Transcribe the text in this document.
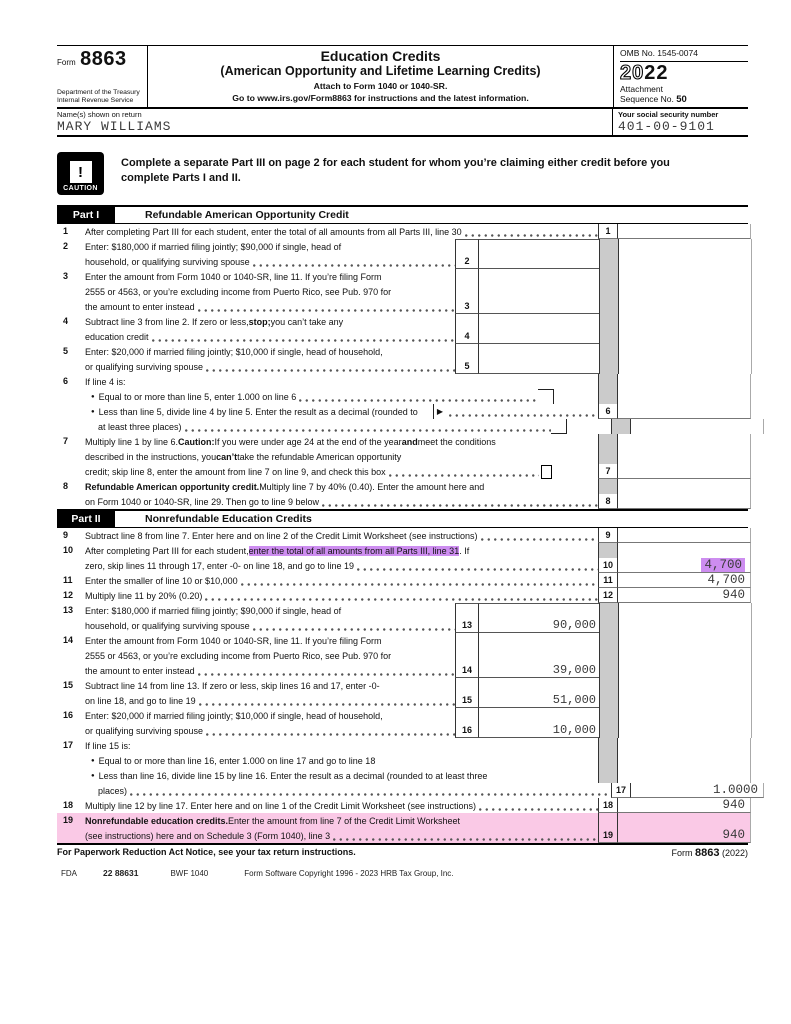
Form 8863
Department of the Treasury
Internal Revenue Service
Education Credits
(American Opportunity and Lifetime Learning Credits)
Attach to Form 1040 or 1040-SR.
Go to www.irs.gov/Form8863 for instructions and the latest information.
OMB No. 1545-0074
2022
Attachment
Sequence No. 50
Name(s) shown on return
MARY WILLIAMS
Your social security number
401-00-9101
!
CAUTION
Complete a separate Part III on page 2 for each student for whom you’re claiming either credit before you complete Parts I and II.
Part I	Refundable American Opportunity Credit
1	After completing Part III for each student, enter the total of all amounts from all Parts III, line 30	1
2	Enter: $180,000 if married filing jointly; $90,000 if single, head of
household, or qualifying surviving spouse	2
3	Enter the amount from Form 1040 or 1040-SR, line 11. If you’re filing Form
2555 or 4563, or you’re excluding income from Puerto Rico, see Pub. 970 for
the amount to enter instead	3
4	Subtract line 3 from line 2. If zero or less, stop; you can’t take any
education credit	4
5	Enter: $20,000 if married filing jointly; $10,000 if single, head of household,
or qualifying surviving spouse	5
6	If line 4 is:
● Equal to or more than line 5, enter 1.000 on line 6
● Less than line 5, divide line 4 by line 5. Enter the result as a decimal (rounded to ▶	6
at least three places)
7	Multiply line 1 by line 6. Caution: If you were under age 24 at the end of the year and meet the conditions
described in the instructions, you can’t take the refundable American opportunity
credit; skip line 8, enter the amount from line 7 on line 9, and check this box	7
8	Refundable American opportunity credit. Multiply line 7 by 40% (0.40). Enter the amount here and
on Form 1040 or 1040-SR, line 29. Then go to line 9 below	8
Part II	Nonrefundable Education Credits
9	Subtract line 8 from line 7. Enter here and on line 2 of the Credit Limit Worksheet (see instructions)	9
10	After completing Part III for each student, enter the total of all amounts from all Parts III, line 31 . If
zero, skip lines 11 through 17, enter -0- on line 18, and go to line 19	10	4,700
11	Enter the smaller of line 10 or $10,000	11	4,700
12	Multiply line 11 by 20% (0.20)	12	940
13	Enter: $180,000 if married filing jointly; $90,000 if single, head of
household, or qualifying surviving spouse	13	90,000
14	Enter the amount from Form 1040 or 1040-SR, line 11. If you’re filing Form
2555 or 4563, or you’re excluding income from Puerto Rico, see Pub. 970 for
the amount to enter instead	14	39,000
15	Subtract line 14 from line 13. If zero or less, skip lines 16 and 17, enter -0-
on line 18, and go to line 19	15	51,000
16	Enter: $20,000 if married filing jointly; $10,000 if single, head of household,
or qualifying surviving spouse	16	10,000
17	If line 15 is:
● Equal to or more than line 16, enter 1.000 on line 17 and go to line 18
● Less than line 16, divide line 15 by line 16. Enter the result as a decimal (rounded to at least three
places)	17	1.0000
18	Multiply line 12 by line 17. Enter here and on line 1 of the Credit Limit Worksheet (see instructions)	18	940
19	Nonrefundable education credits. Enter the amount from line 7 of the Credit Limit Worksheet
(see instructions) here and on Schedule 3 (Form 1040), line 3	19	940
For Paperwork Reduction Act Notice, see your tax return instructions.	Form 8863 (2022)
FDA	22 88631	BWF 1040	Form Software Copyright 1996 - 2023 HRB Tax Group, Inc.
